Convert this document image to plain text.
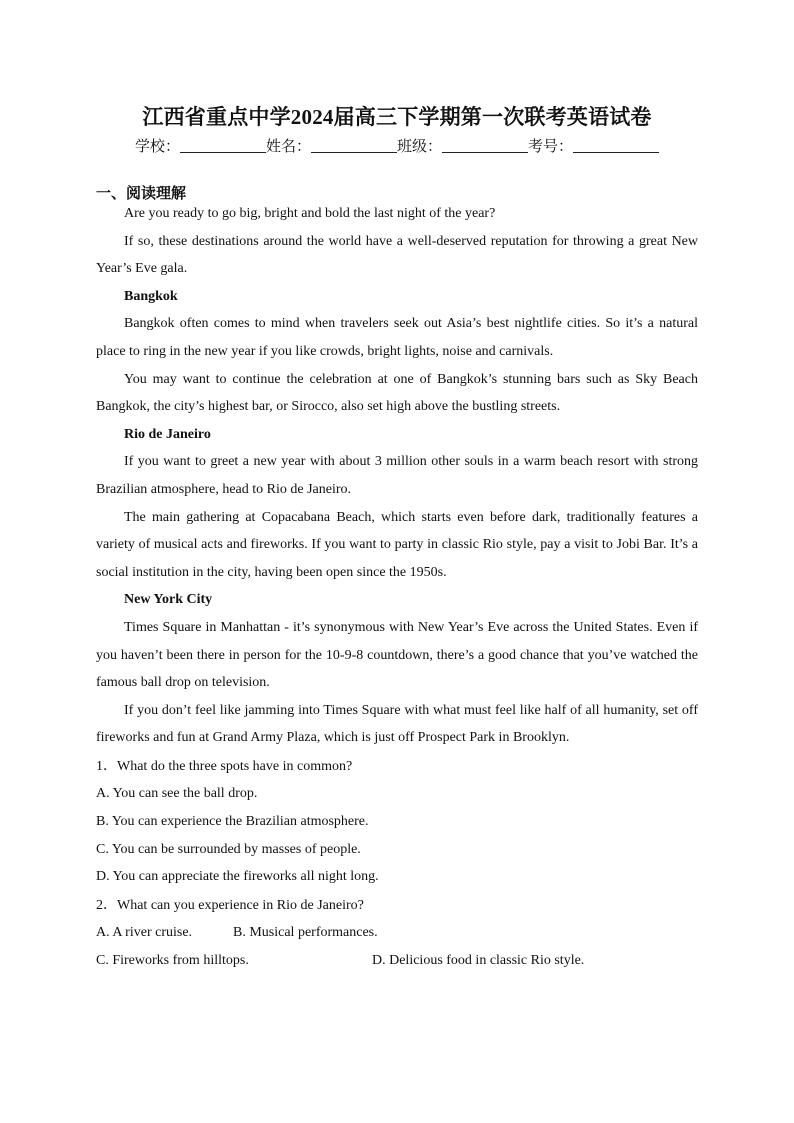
江西省重点中学2024届高三下学期第一次联考英语试卷
学校：	姓名：	班级：	考号：
一、阅读理解

Are you ready to go big, bright and bold the last night of the year?

If so, these destinations around the world have a well-deserved reputation for throwing a great New Year’s Eve gala.

Bangkok

Bangkok often comes to mind when travelers seek out Asia’s best nightlife cities. So it’s a natural place to ring in the new year if you like crowds, bright lights, noise and carnivals.

You may want to continue the celebration at one of Bangkok’s stunning bars such as Sky Beach Bangkok, the city’s highest bar, or Sirocco, also set high above the bustling streets.

Rio de Janeiro

If you want to greet a new year with about 3 million other souls in a warm beach resort with strong Brazilian atmosphere, head to Rio de Janeiro.

The main gathering at Copacabana Beach, which starts even before dark, traditionally features a variety of musical acts and fireworks. If you want to party in classic Rio style, pay a visit to Jobi Bar. It’s a social institution in the city, having been open since the 1950s.

New York City

Times Square in Manhattan - it’s synonymous with New Year’s Eve across the United States. Even if you haven’t been there in person for the 10-9-8 countdown, there’s a good chance that you’ve watched the famous ball drop on television.

If you don’t feel like jamming into Times Square with what must feel like half of all humanity, set off fireworks and fun at Grand Army Plaza, which is just off Prospect Park in Brooklyn.

1．What do the three spots have in common?

A. You can see the ball drop.

B. You can experience the Brazilian atmosphere.

C. You can be surrounded by masses of people.

D. You can appreciate the fireworks all night long.

2．What can you experience in Rio de Janeiro?

A. A river cruise.	B. Musical performances.
C. Fireworks from hilltops.	D. Delicious food in classic Rio style.
